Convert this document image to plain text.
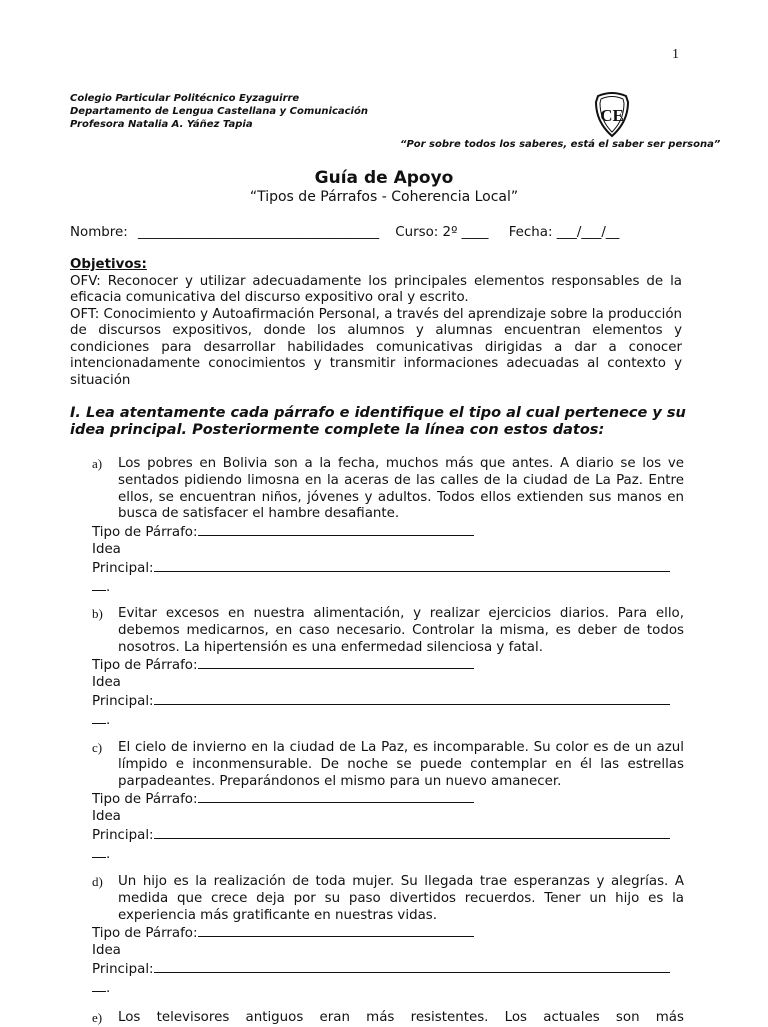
1
Colegio Particular Politécnico Eyzaguirre
Departamento de Lengua Castellana y Comunicación
Profesora Natalia A. Yáñez Tapia	CE
“Por sobre todos los saberes, está el saber ser persona”
Guía de Apoyo
“Tipos de Párrafos - Coherencia Local”
Nombre: ____________________________________ Curso: 2º ____ Fecha: ___/___/__
Objetivos:
OFV: Reconocer y utilizar adecuadamente los principales elementos responsables de la eficacia comunicativa del discurso expositivo oral y escrito.
OFT: Conocimiento y Autoafirmación Personal, a través del aprendizaje sobre la producción de discursos expositivos, donde los alumnos y alumnas encuentran elementos y condiciones para desarrollar habilidades comunicativas dirigidas a dar a conocer intencionadamente conocimientos y transmitir informaciones adecuadas al contexto y situación
I. Lea atentamente cada párrafo e identifique el tipo al cual pertenece y su idea principal. Posteriormente complete la línea con estos datos:
a)	Los pobres en Bolivia son a la fecha, muchos más que antes. A diario se los ve sentados pidiendo limosna en la aceras de las calles de la ciudad de La Paz. Entre ellos, se encuentran niños, jóvenes y adultos. Todos ellos extienden sus manos en busca de satisfacer el hambre desafiante.
Tipo de Párrafo:
Idea
Principal:
.
b)	Evitar excesos en nuestra alimentación, y realizar ejercicios diarios. Para ello, debemos medicarnos, en caso necesario. Controlar la misma, es deber de todos nosotros. La hipertensión es una enfermedad silenciosa y fatal.
Tipo de Párrafo:
Idea
Principal:
.
c)	El cielo de invierno en la ciudad de La Paz, es incomparable. Su color es de un azul límpido e inconmensurable. De noche se puede contemplar en él las estrellas parpadeantes. Preparándonos el mismo para un nuevo amanecer.
Tipo de Párrafo:
Idea
Principal:
.
d)	Un hijo es la realización de toda mujer. Su llegada trae esperanzas y alegrías. A medida que crece deja por su paso divertidos recuerdos. Tener un hijo es la experiencia más gratificante en nuestras vidas.
Tipo de Párrafo:
Idea
Principal:
.
e)	Los televisores antiguos eran más resistentes. Los actuales son más
